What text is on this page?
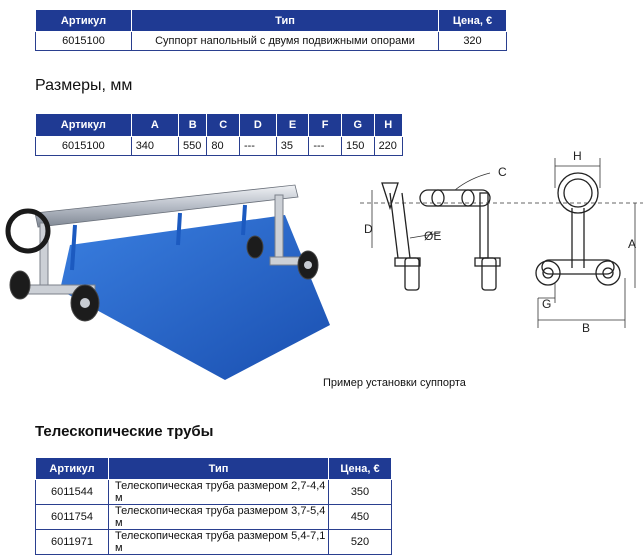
Артикул	Тип	Цена, €
6015100	Суппорт напольный с двумя подвижными опорами	320
Размеры, мм
Артикул	A	B	C	D	E	F	G	H
6015100	340	550	80	---	35	---	150	220
C
D	ØE
H
A
G
B
Пример установки суппорта
Телескопические трубы
Артикул	Тип	Цена, €
6011544	Телескопическая труба размером 2,7-4,4 м	350
6011754	Телескопическая труба размером 3,7-5,4 м	450
6011971	Телескопическая труба размером 5,4-7,1 м	520
